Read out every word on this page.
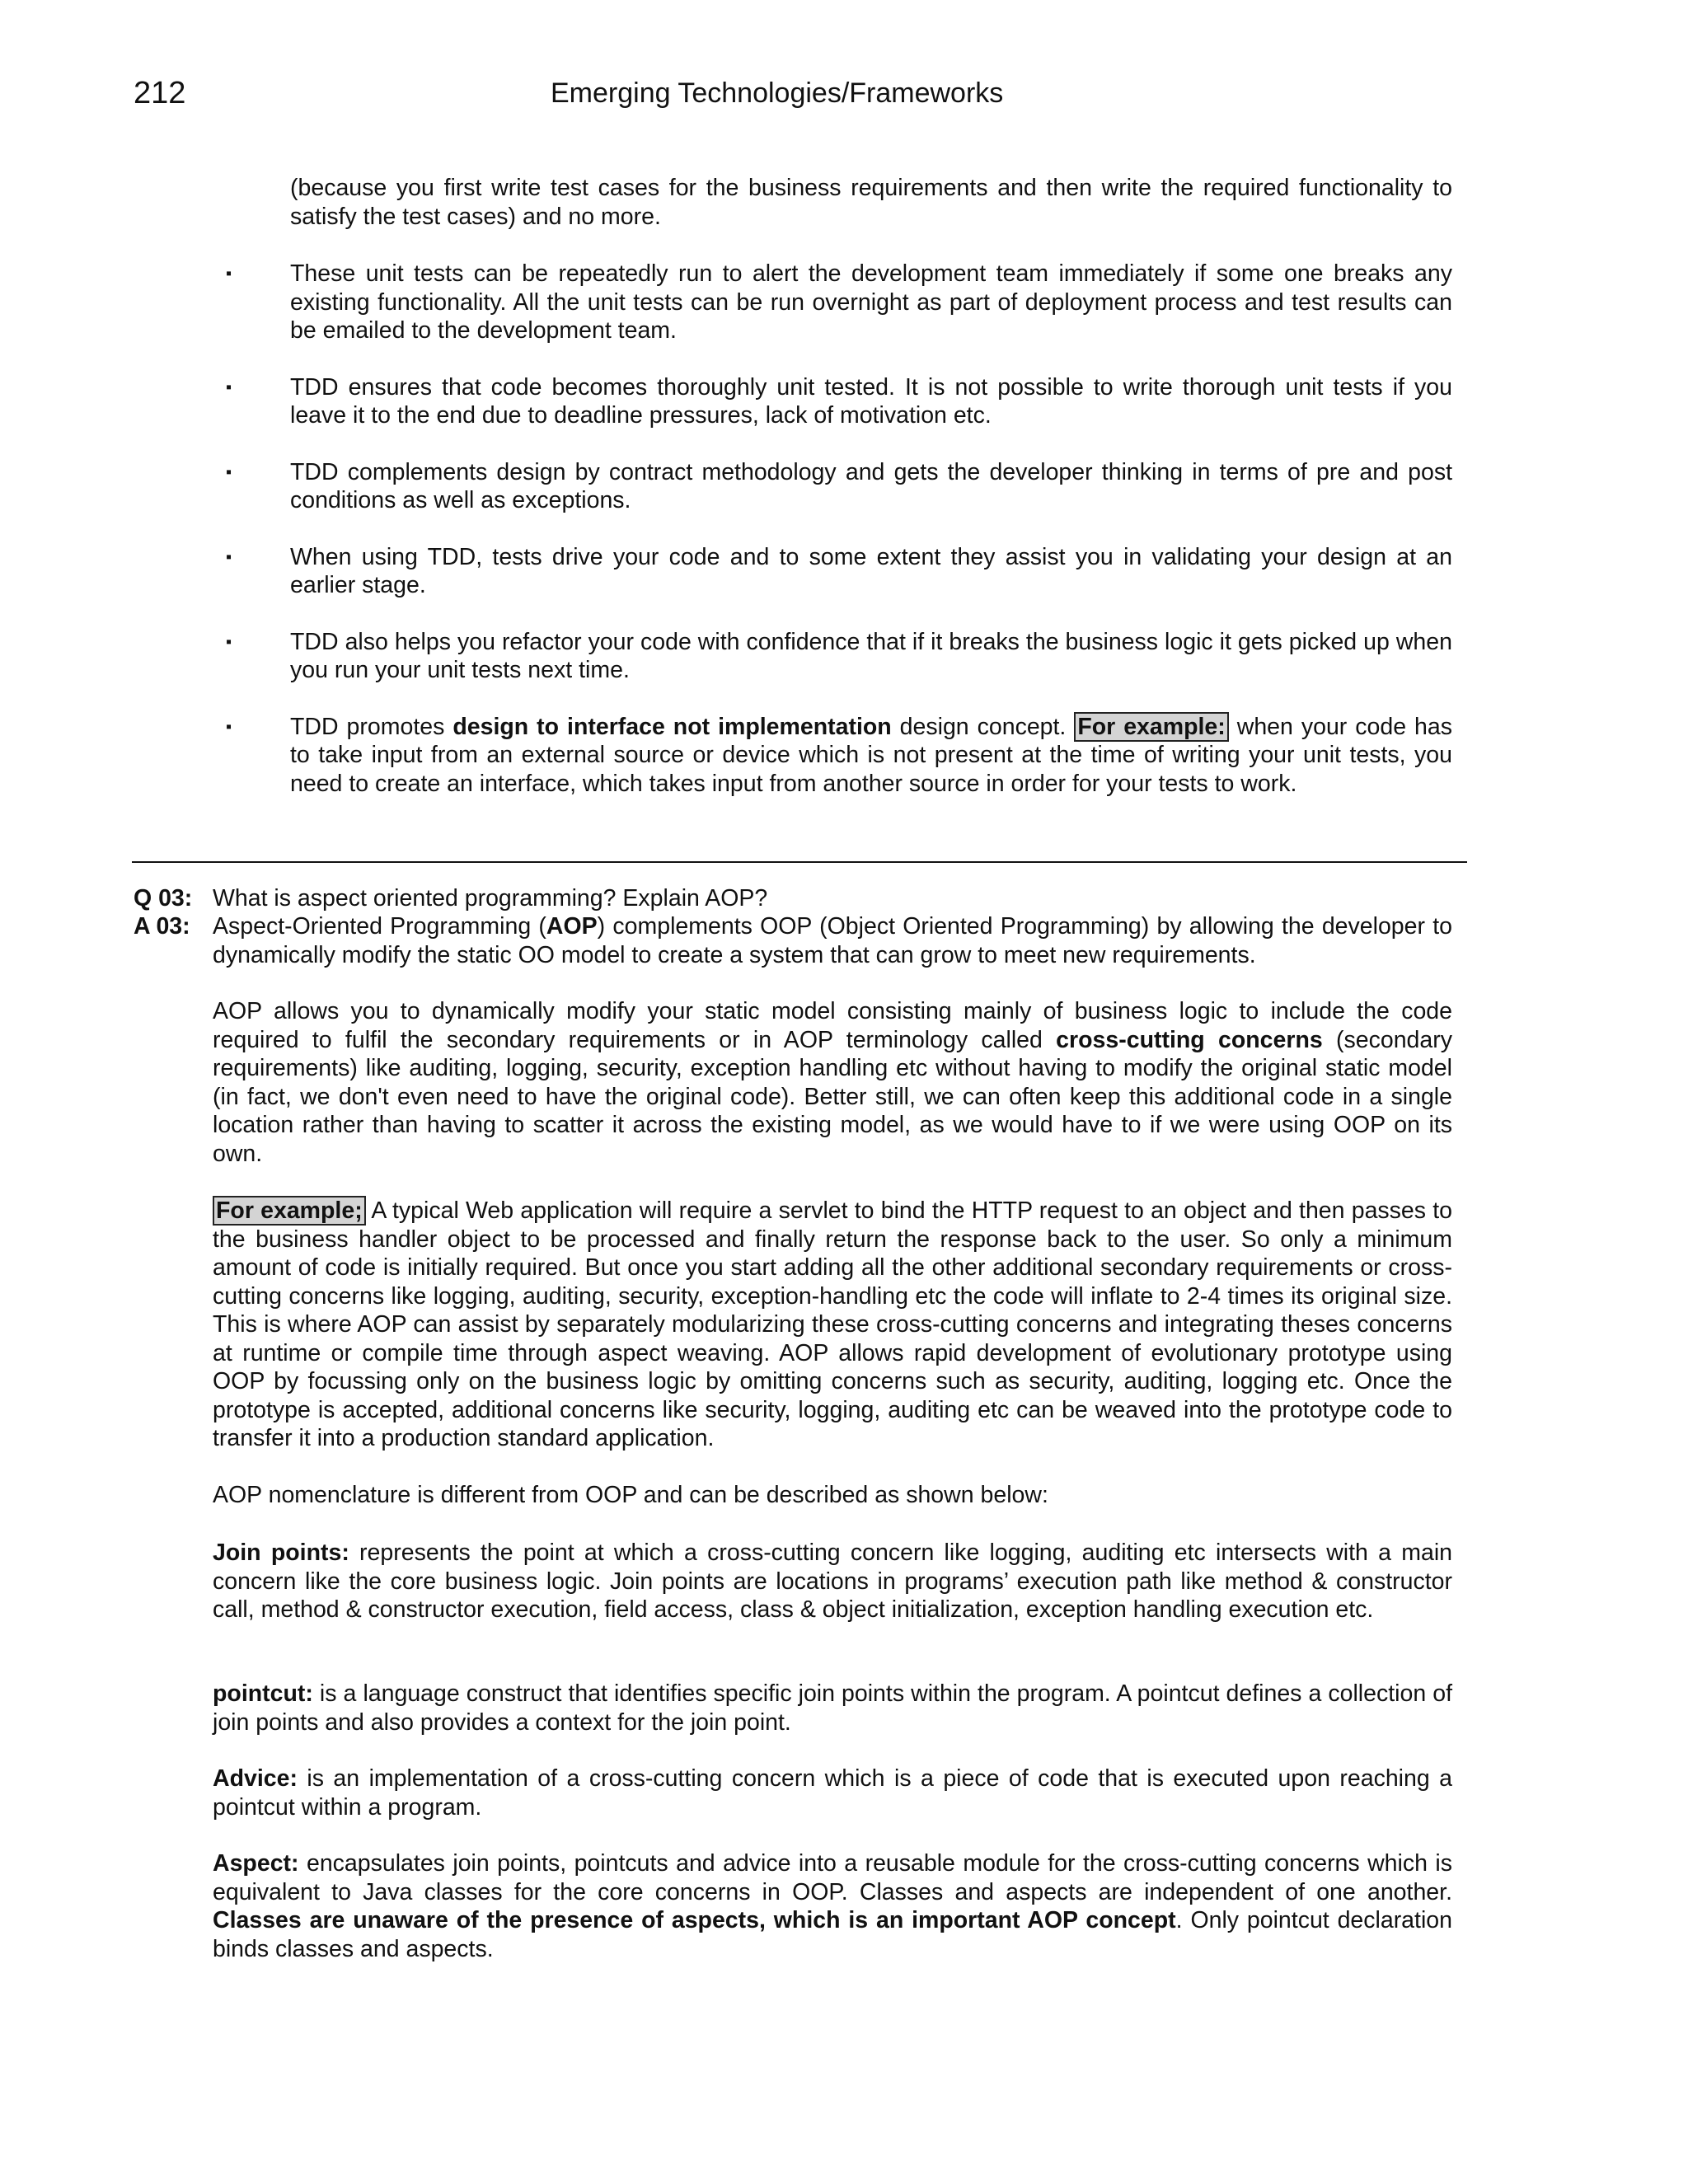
212	Emerging Technologies/Frameworks
(because you first write test cases for the business requirements and then write the required functionality to satisfy the test cases) and no more.
▪	These unit tests can be repeatedly run to alert the development team immediately if some one breaks any existing functionality. All the unit tests can be run overnight as part of deployment process and test results can be emailed to the development team.
▪	TDD ensures that code becomes thoroughly unit tested. It is not possible to write thorough unit tests if you leave it to the end due to deadline pressures, lack of motivation etc.
▪	TDD complements design by contract methodology and gets the developer thinking in terms of pre and post conditions as well as exceptions.
▪	When using TDD, tests drive your code and to some extent they assist you in validating your design at an earlier stage.
▪	TDD also helps you refactor your code with confidence that if it breaks the business logic it gets picked up when you run your unit tests next time.
▪	TDD promotes design to interface not implementation design concept. For example: when your code has to take input from an external source or device which is not present at the time of writing your unit tests, you need to create an interface, which takes input from another source in order for your tests to work.
Q 03: What is aspect oriented programming? Explain AOP?
A 03: Aspect-Oriented Programming (AOP) complements OOP (Object Oriented Programming) by allowing the developer to dynamically modify the static OO model to create a system that can grow to meet new requirements.
AOP allows you to dynamically modify your static model consisting mainly of business logic to include the code required to fulfil the secondary requirements or in AOP terminology called cross-cutting concerns (secondary requirements) like auditing, logging, security, exception handling etc without having to modify the original static model (in fact, we don't even need to have the original code). Better still, we can often keep this additional code in a single location rather than having to scatter it across the existing model, as we would have to if we were using OOP on its own.
For example; A typical Web application will require a servlet to bind the HTTP request to an object and then passes to the business handler object to be processed and finally return the response back to the user. So only a minimum amount of code is initially required. But once you start adding all the other additional secondary requirements or cross-cutting concerns like logging, auditing, security, exception-handling etc the code will inflate to 2-4 times its original size. This is where AOP can assist by separately modularizing these cross-cutting concerns and integrating theses concerns at runtime or compile time through aspect weaving. AOP allows rapid development of evolutionary prototype using OOP by focussing only on the business logic by omitting concerns such as security, auditing, logging etc. Once the prototype is accepted, additional concerns like security, logging, auditing etc can be weaved into the prototype code to transfer it into a production standard application.
AOP nomenclature is different from OOP and can be described as shown below:
Join points: represents the point at which a cross-cutting concern like logging, auditing etc intersects with a main concern like the core business logic. Join points are locations in programs’ execution path like method & constructor call, method & constructor execution, field access, class & object initialization, exception handling execution etc.
pointcut: is a language construct that identifies specific join points within the program. A pointcut defines a collection of join points and also provides a context for the join point.
Advice: is an implementation of a cross-cutting concern which is a piece of code that is executed upon reaching a pointcut within a program.
Aspect: encapsulates join points, pointcuts and advice into a reusable module for the cross-cutting concerns which is equivalent to Java classes for the core concerns in OOP. Classes and aspects are independent of one another. Classes are unaware of the presence of aspects, which is an important AOP concept. Only pointcut declaration binds classes and aspects.
